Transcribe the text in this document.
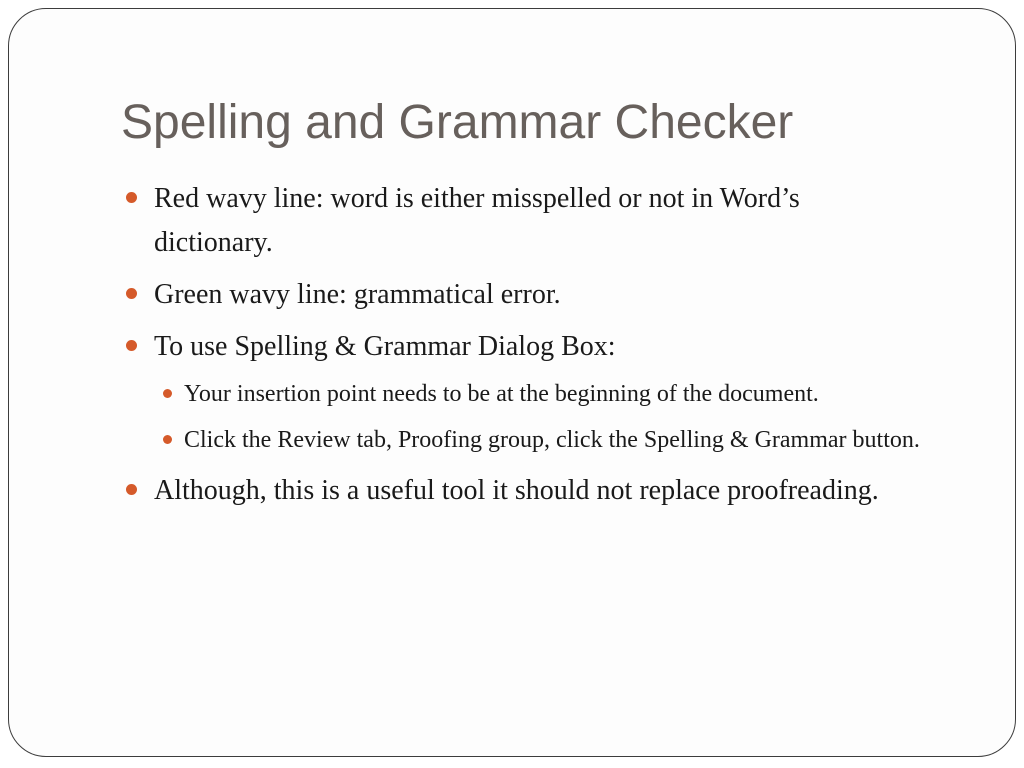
Spelling and Grammar Checker
Red wavy line: word is either misspelled or not in Word’s dictionary.
Green wavy line: grammatical error.
To use Spelling & Grammar Dialog Box:
Your insertion point needs to be at the beginning of the document.
Click the Review tab, Proofing group, click the Spelling & Grammar button.
Although, this is a useful tool it should not replace proofreading.
